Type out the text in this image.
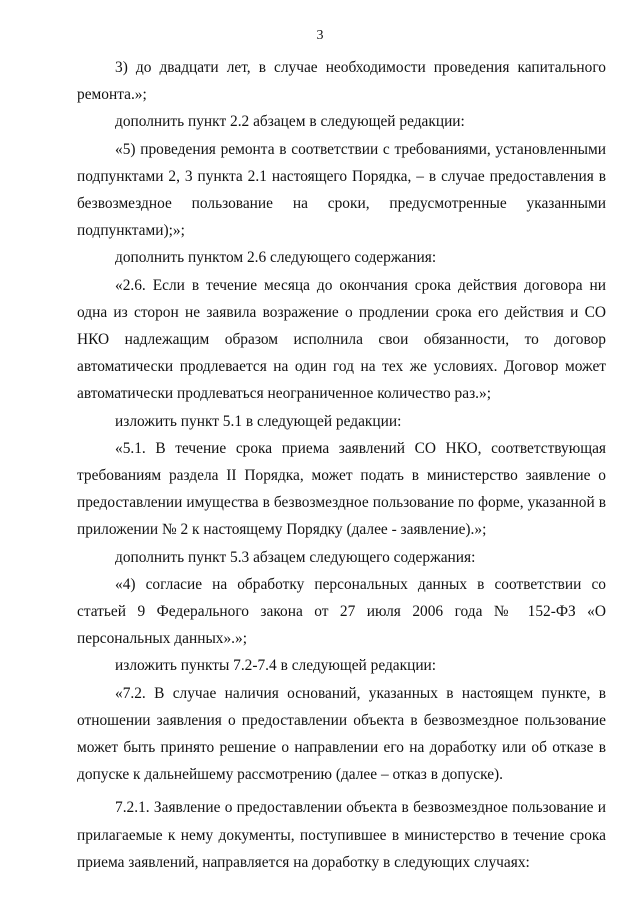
3

3) до двадцати лет, в случае необходимости проведения капитального ремонта.»;

дополнить пункт 2.2 абзацем в следующей редакции:

«5) проведения ремонта в соответствии с требованиями, установленными подпунктами 2, 3 пункта 2.1 настоящего Порядка, – в случае предоставления в безвозмездное пользование на сроки, предусмотренные указанными подпунктами);»;

дополнить пунктом 2.6 следующего содержания:

«2.6. Если в течение месяца до окончания срока действия договора ни одна из сторон не заявила возражение о продлении срока его действия и СО НКО надлежащим образом исполнила свои обязанности, то договор автоматически продлевается на один год на тех же условиях. Договор может автоматически продлеваться неограниченное количество раз.»;

изложить пункт 5.1 в следующей редакции:

«5.1. В течение срока приема заявлений СО НКО, соответствующая требованиям раздела II Порядка, может подать в министерство заявление о предоставлении имущества в безвозмездное пользование по форме, указанной в приложении № 2 к настоящему Порядку (далее - заявление).»;

дополнить пункт 5.3 абзацем следующего содержания:

«4) согласие на обработку персональных данных в соответствии со статьей 9 Федерального закона от 27 июля 2006 года № 152-ФЗ «О персональных данных».»;

изложить пункты 7.2-7.4 в следующей редакции:

«7.2. В случае наличия оснований, указанных в настоящем пункте, в отношении заявления о предоставлении объекта в безвозмездное пользование может быть принято решение о направлении его на доработку или об отказе в допуске к дальнейшему рассмотрению (далее – отказ в допуске).

7.2.1. Заявление о предоставлении объекта в безвозмездное пользование и прилагаемые к нему документы, поступившее в министерство в течение срока приема заявлений, направляется на доработку в следующих случаях:
